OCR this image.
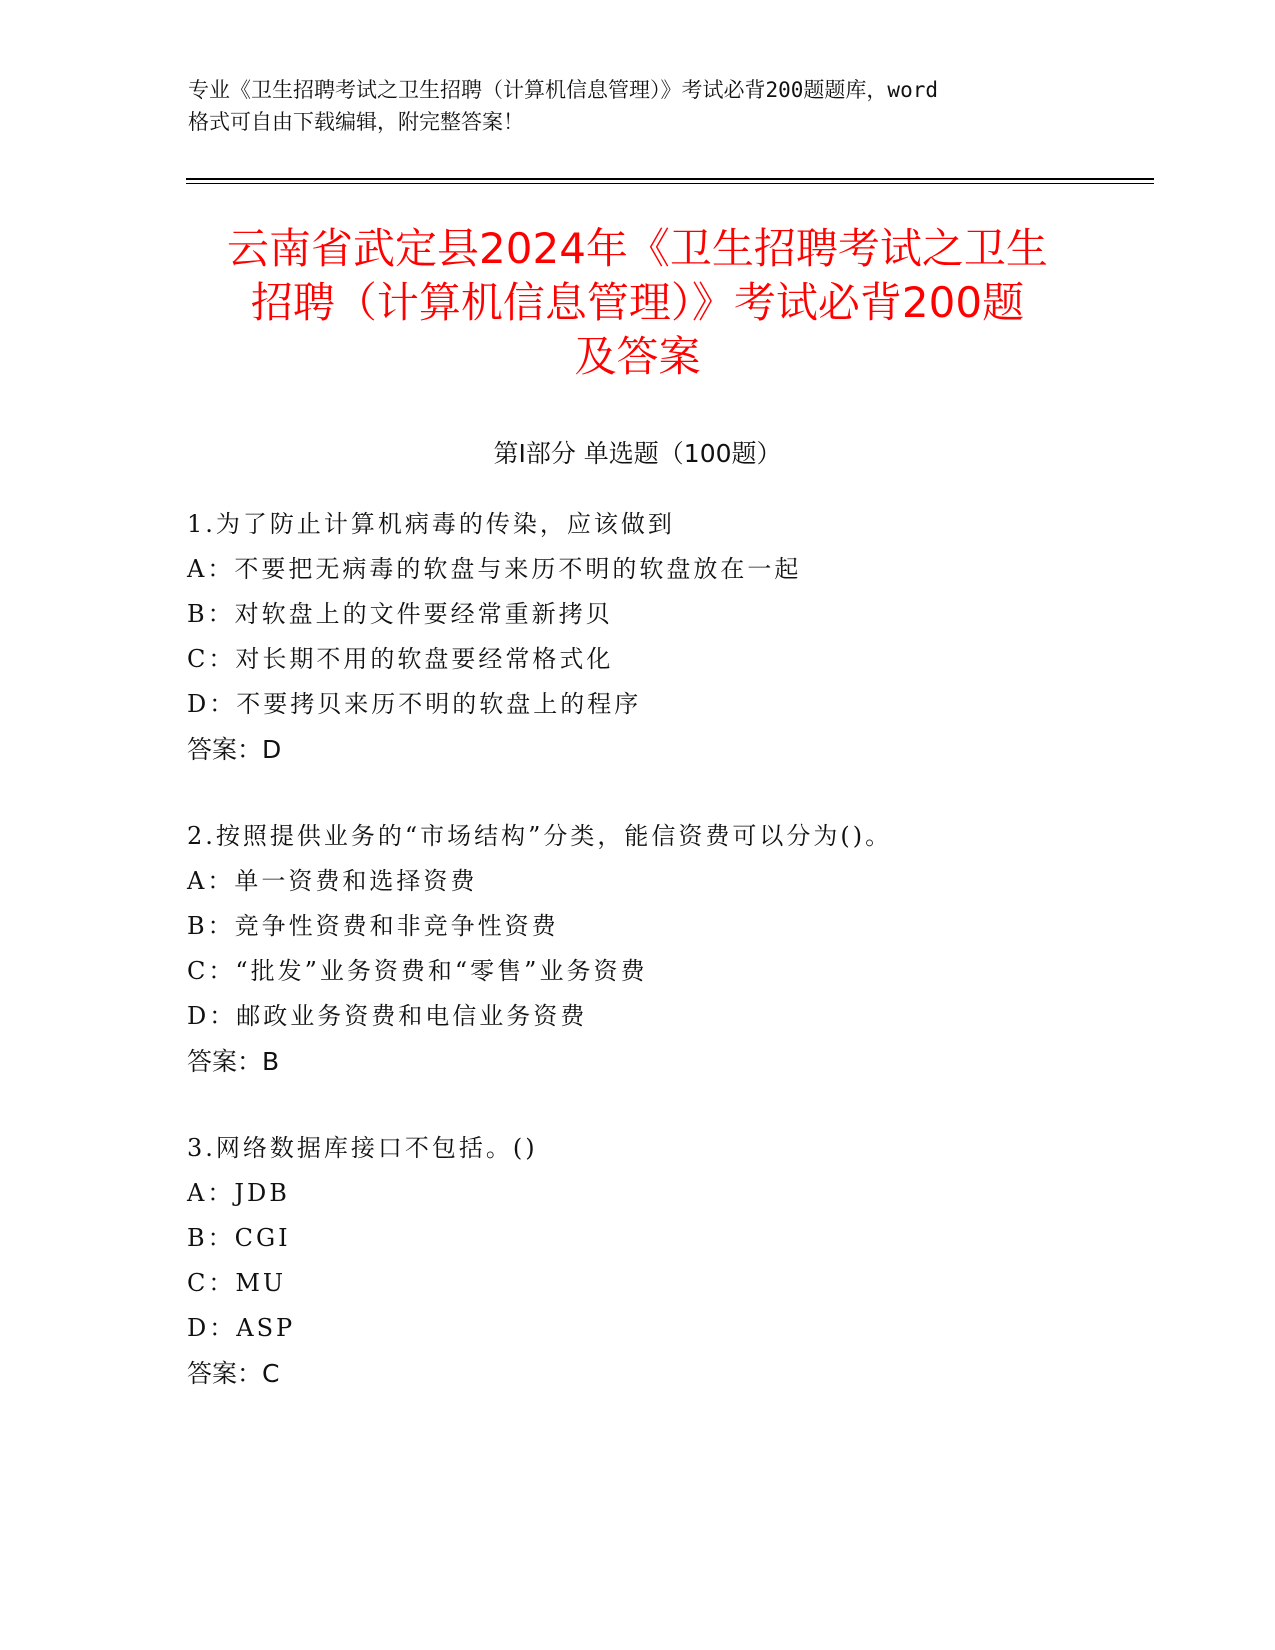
专业《卫生招聘考试之卫生招聘（计算机信息管理）》考试必背200题题库，word
格式可自由下载编辑，附完整答案！
云南省武定县2024年《卫生招聘考试之卫生
招聘（计算机信息管理）》考试必背200题
及答案
第Ⅰ部分 单选题（100题）
1.为了防止计算机病毒的传染，应该做到
A：不要把无病毒的软盘与来历不明的软盘放在一起
B：对软盘上的文件要经常重新拷贝
C：对长期不用的软盘要经常格式化
D：不要拷贝来历不明的软盘上的程序
答案：D
2.按照提供业务的“市场结构”分类，能信资费可以分为()。
A：单一资费和选择资费
B：竞争性资费和非竞争性资费
C：“批发”业务资费和“零售”业务资费
D：邮政业务资费和电信业务资费
答案：B
3.网络数据库接口不包括。()
A：JDB
B：CGI
C：MU
D：ASP
答案：C
